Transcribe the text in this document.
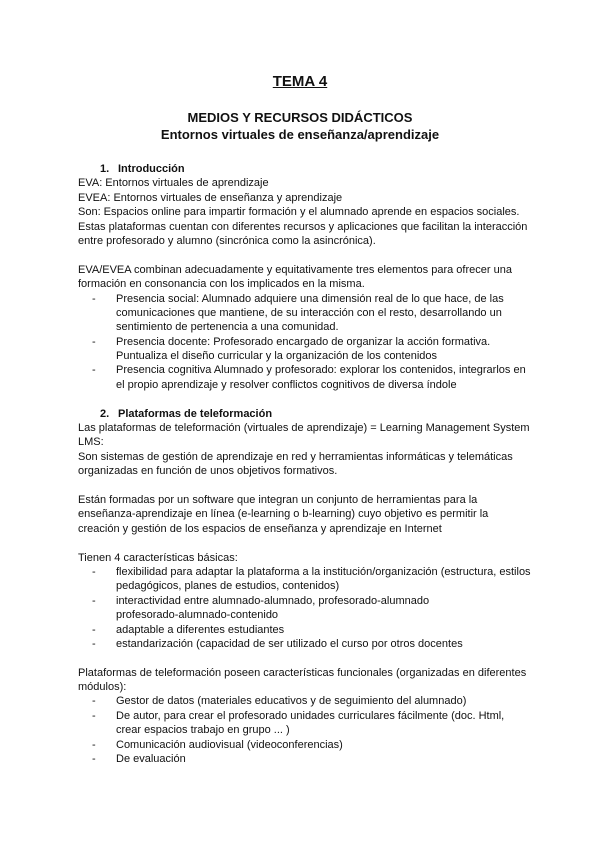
TEMA 4
MEDIOS Y RECURSOS DIDÁCTICOS
Entornos virtuales de enseñanza/aprendizaje
1. Introducción
EVA: Entornos virtuales de aprendizaje
EVEA: Entornos virtuales de enseñanza y aprendizaje
Son: Espacios online para impartir formación y el alumnado aprende en espacios sociales.
Estas plataformas cuentan con diferentes recursos y aplicaciones que facilitan la interacción
entre profesorado y alumno (sincrónica como la asincrónica).
EVA/EVEA combinan adecuadamente y equitativamente tres elementos para ofrecer una
formación en consonancia con los implicados en la misma.
- Presencia social: Alumnado adquiere una dimensión real de lo que hace, de las
comunicaciones que mantiene, de su interacción con el resto, desarrollando un
sentimiento de pertenencia a una comunidad.
- Presencia docente: Profesorado encargado de organizar la acción formativa.
Puntualiza el diseño curricular y la organización de los contenidos
- Presencia cognitiva Alumnado y profesorado: explorar los contenidos, integrarlos en
el propio aprendizaje y resolver conflictos cognitivos de diversa índole
2. Plataformas de teleformación
Las plataformas de teleformación (virtuales de aprendizaje) = Learning Management System
LMS:
Son sistemas de gestión de aprendizaje en red y herramientas informáticas y telemáticas
organizadas en función de unos objetivos formativos.
Están formadas por un software que integran un conjunto de herramientas para la
enseñanza-aprendizaje en línea (e-learning o b-learning) cuyo objetivo es permitir la
creación y gestión de los espacios de enseñanza y aprendizaje en Internet
Tienen 4 características básicas:
- flexibilidad para adaptar la plataforma a la institución/organización (estructura, estilos
pedagógicos, planes de estudios, contenidos)
- interactividad entre alumnado-alumnado, profesorado-alumnado
profesorado-alumnado-contenido
- adaptable a diferentes estudiantes
- estandarización (capacidad de ser utilizado el curso por otros docentes
Plataformas de teleformación poseen características funcionales (organizadas en diferentes
módulos):
- Gestor de datos (materiales educativos y de seguimiento del alumnado)
- De autor, para crear el profesorado unidades curriculares fácilmente (doc. Html,
crear espacios trabajo en grupo ... )
- Comunicación audiovisual (videoconferencias)
- De evaluación
